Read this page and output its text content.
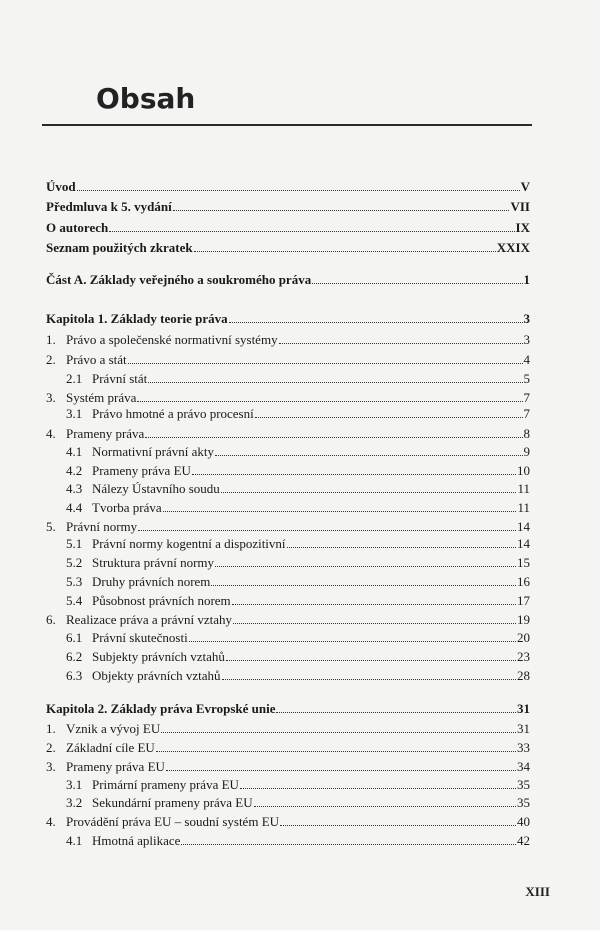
Obsah
Úvod	V
Předmluva k 5. vydání	VII
O autorech	IX
Seznam použitých zkratek	XXIX
Část A. Základy veřejného a soukromého práva	1
Kapitola 1. Základy teorie práva	3
1. Právo a společenské normativní systémy	3
2. Právo a stát	4
2.1 Právní stát	5
3. Systém práva	7
3.1 Právo hmotné a právo procesní	7
4. Prameny práva	8
4.1 Normativní právní akty	9
4.2 Prameny práva EU	10
4.3 Nálezy Ústavního soudu	11
4.4 Tvorba práva	11
5. Právní normy	14
5.1 Právní normy kogentní a dispozitivní	14
5.2 Struktura právní normy	15
5.3 Druhy právních norem	16
5.4 Působnost právních norem	17
6. Realizace práva a právní vztahy	19
6.1 Právní skutečnosti	20
6.2 Subjekty právních vztahů	23
6.3 Objekty právních vztahů	28
Kapitola 2. Základy práva Evropské unie	31
1. Vznik a vývoj EU	31
2. Základní cíle EU	33
3. Prameny práva EU	34
3.1 Primární prameny práva EU	35
3.2 Sekundární prameny práva EU	35
4. Provádění práva EU – soudní systém EU	40
4.1 Hmotná aplikace	42
XIII
